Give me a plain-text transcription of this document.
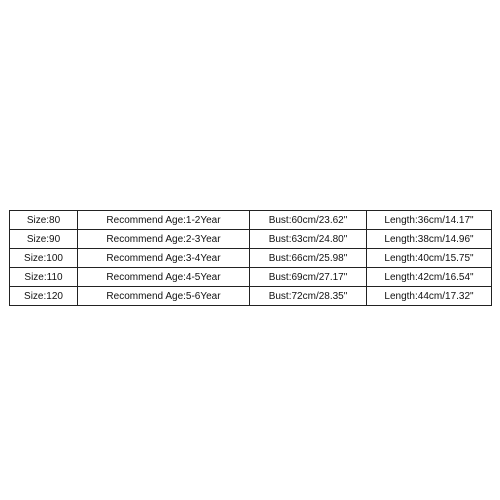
Size:80	Recommend Age:1-2Year	Bust:60cm/23.62"	Length:36cm/14.17"
Size:90	Recommend Age:2-3Year	Bust:63cm/24.80"	Length:38cm/14.96"
Size:100	Recommend Age:3-4Year	Bust:66cm/25.98"	Length:40cm/15.75"
Size:110	Recommend Age:4-5Year	Bust:69cm/27.17"	Length:42cm/16.54"
Size:120	Recommend Age:5-6Year	Bust:72cm/28.35"	Length:44cm/17.32"
